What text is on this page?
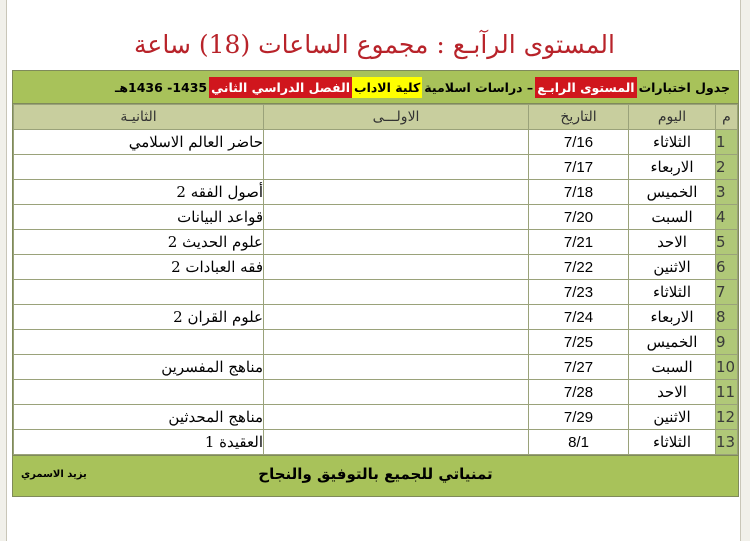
المستوى الرآبـع : مجموع الساعات (18) ساعة
جدول اختبارات
المستوى الرابـع
– دراسات اسلامية
كلية الاداب
الفصل الدراسي الثاني
1435- 1436هـ
م	اليوم	التاريخ	الاولـــى	الثانيـة
1	الثلاثاء	7/16		حاضر العالم الاسلامي
2	الاربعاء	7/17		
3	الخميس	7/18		أصول الفقه 2
4	السبت	7/20		قواعد البيانات
5	الاحد	7/21		علوم الحديث 2
6	الاثنين	7/22		فقه العبادات 2
7	الثلاثاء	7/23		
8	الاربعاء	7/24		علوم القران 2
9	الخميس	7/25		
10	السبت	7/27		مناهج المفسرين
11	الاحد	7/28		
12	الاثنين	7/29		مناهج المحدثين
13	الثلاثاء	8/1		العقيدة 1
تمنياتي للجميع بالتوفيق والنجاح
يزيد الاسمري
